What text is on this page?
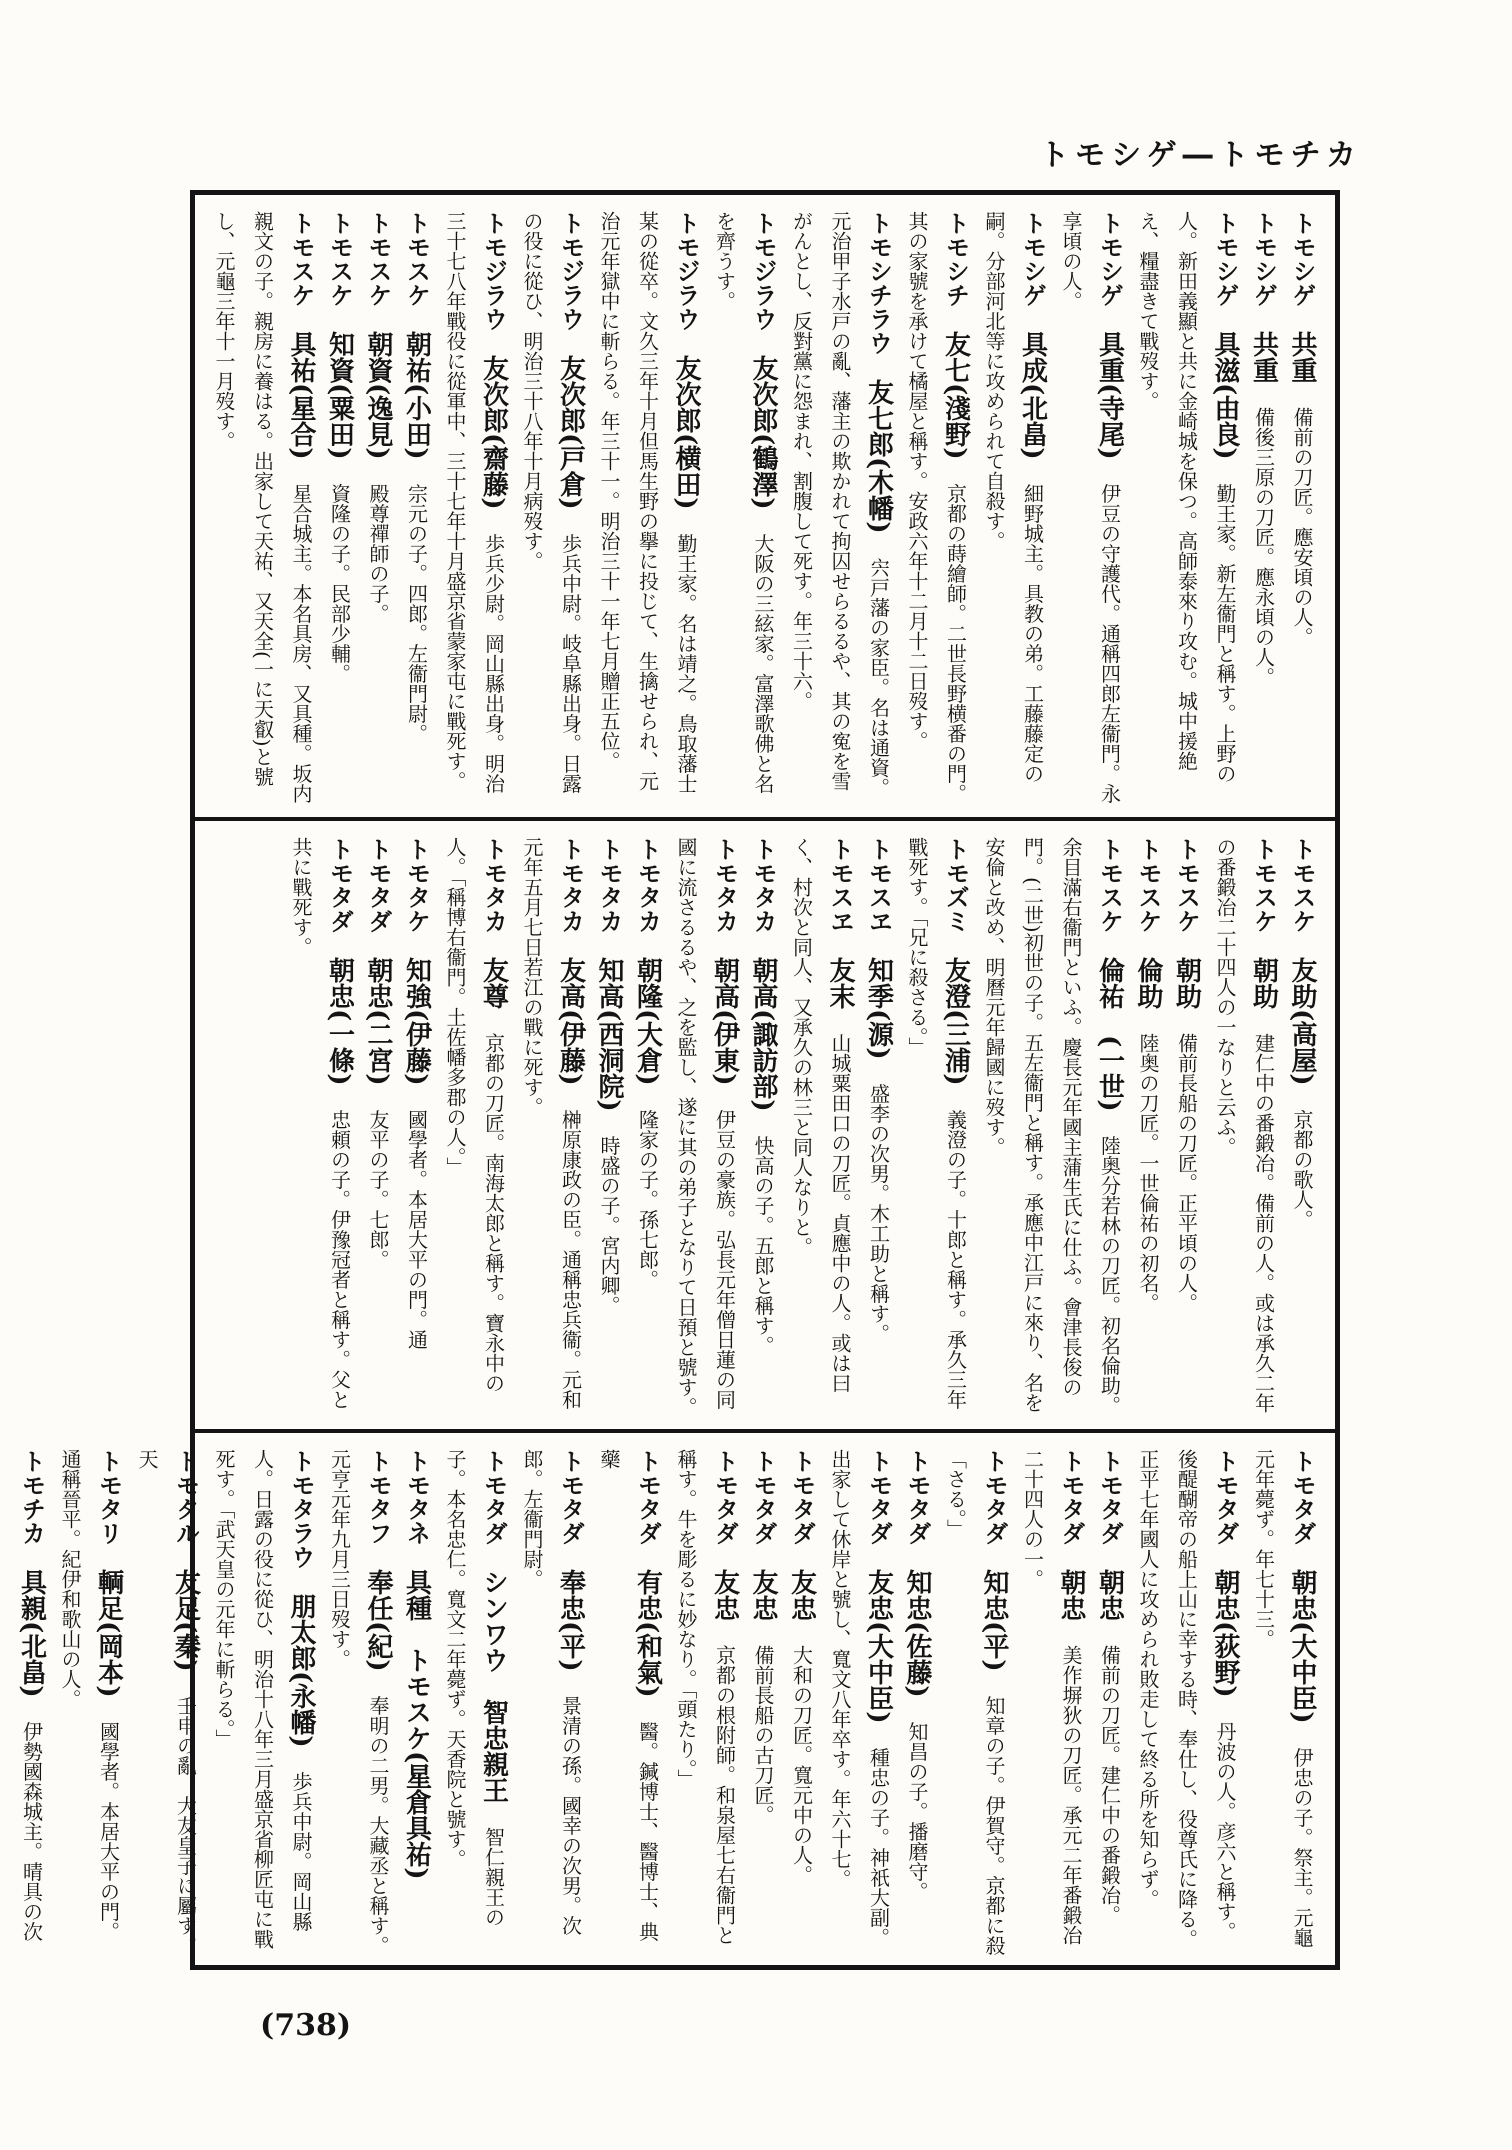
トモシゲ―トモチカ
トモシゲ　共重　備前の刀匠。應安頃の人。
トモシゲ　共重　備後三原の刀匠。應永頃の人。
トモシゲ　具滋(由良)　勤王家。新左衞門と稱す。上野の人。新田義顯と共に金崎城を保つ。高師泰來り攻む。城中援絶え、糧盡きて戰歿す。
トモシゲ　具重(寺尾)　伊豆の守護代。通稱四郎左衞門。永享頃の人。
トモシゲ　具成(北畠)　細野城主。具教の弟。工藤藤定の嗣。分部河北等に攻められて自殺す。
トモシチ　友七(淺野)　京都の蒔繪師。二世長野横番の門。其の家號を承けて橘屋と稱す。安政六年十二月十二日歿す。
トモシチラウ　友七郎(木幡)　宍戸藩の家臣。名は通資。元治甲子水戸の亂、藩主の欺かれて拘囚せらるるや、其の寃を雪がんとし、反對黨に怨まれ、割腹して死す。年三十六。
トモジラウ　友次郎(鶴澤)　大阪の三絃家。富澤歌佛と名を齊うす。
トモジラウ　友次郎(横田)　勤王家。名は靖之。鳥取藩士某の從卒。文久三年十月但馬生野の擧に投じて、生擒せられ、元治元年獄中に斬らる。年三十一。明治三十一年七月贈正五位。
トモジラウ　友次郎(戸倉)　歩兵中尉。岐阜縣出身。日露の役に從ひ、明治三十八年十月病歿す。
トモジラウ　友次郎(齋藤)　歩兵少尉。岡山縣出身。明治三十七八年戰役に從軍中、三十七年十月盛京省蒙家屯に戰死す。
トモスケ　朝祐(小田)　宗元の子。四郎。左衞門尉。
トモスケ　朝資(逸見)　殿尊禪師の子。
トモスケ　知資(粟田)　資隆の子。民部少輔。
トモスケ　具祐(星合)　星合城主。本名具房、又具種。坂内親文の子。親房に養はる。出家して天祐、又天全(一に天叡)と號し、元龜三年十一月歿す。
トモスケ　友助(高屋)　京都の歌人。
トモスケ　朝助　建仁中の番鍛冶。備前の人。或は承久二年の番鍛冶二十四人の一なりと云ふ。
トモスケ　朝助　備前長船の刀匠。正平頃の人。
トモスケ　倫助　陸奥の刀匠。一世倫祐の初名。
トモスケ　倫祐　(一世)　陸奥分若林の刀匠。初名倫助。余目滿右衞門といふ。慶長元年國主蒲生氏に仕ふ。會津長俊の門。(二世)初世の子。五左衞門と稱す。承應中江戸に來り、名を安倫と改め、明曆元年歸國に歿す。
トモズミ　友澄(三浦)　義澄の子。十郎と稱す。承久三年戰死す。「兄に殺さる。」
トモスヱ　知季(源)　盛李の次男。木工助と稱す。
トモスヱ　友末　山城粟田口の刀匠。貞應中の人。或は曰く、村次と同人、又承久の林三と同人なりと。
トモタカ　朝高(諏訪部)　快高の子。五郎と稱す。
トモタカ　朝高(伊東)　伊豆の豪族。弘長元年僧日蓮の同國に流さるるや、之を監し、遂に其の弟子となりて日預と號す。
トモタカ　朝隆(大倉)　隆家の子。孫七郎。
トモタカ　知高(西洞院)　時盛の子。宮内卿。
トモタカ　友高(伊藤)　榊原康政の臣。通稱忠兵衞。元和元年五月七日若江の戰に死す。
トモタカ　友尊　京都の刀匠。南海太郎と稱す。寶永中の人。「稱博右衞門。土佐幡多郡の人。」
トモタケ　知強(伊藤)　國學者。本居大平の門。通
トモタダ　朝忠(二宮)　友平の子。七郎。
トモタダ　朝忠(一條)　忠頼の子。伊豫冠者と稱す。父と共に戰死す。
トモタダ　朝忠(大中臣)　伊忠の子。祭主。元龜元年薨ず。年七十三。
トモタダ　朝忠(荻野)　丹波の人。彦六と稱す。後醍醐帝の船上山に幸する時、奉仕し、役尊氏に降る。正平七年國人に攻められ敗走して終る所を知らず。
トモタダ　朝忠　備前の刀匠。建仁中の番鍛冶。
トモタダ　朝忠　美作塀狄の刀匠。承元二年番鍛冶二十四人の一。
トモタダ　知忠(平)　知章の子。伊賀守。京都に殺「さる。」
トモタダ　知忠(佐藤)　知昌の子。播磨守。
トモタダ　友忠(大中臣)　種忠の子。神祇大副。出家して休岸と號し、寬文八年卒す。年六十七。
トモタダ　友忠　大和の刀匠。寬元中の人。
トモタダ　友忠　備前長船の古刀匠。
トモタダ　友忠　京都の根附師。和泉屋七右衞門と稱す。牛を彫るに妙なり。「頭たり。」
トモタダ　有忠(和氣)　醫。鍼博士、醫博士、典藥
トモタダ　奉忠(平)　景清の孫。國幸の次男。次郎。左衞門尉。
トモタダ　シンワウ　智忠親王　智仁親王の子。本名忠仁。寬文二年薨ず。天香院と號す。
トモタネ　具種　トモスケ(星倉具祐)　
トモタフ　奉任(紀)　奉明の二男。大藏丞と稱す。元亨元年九月三日歿す。
トモタラウ　朋太郎(永幡)　歩兵中尉。岡山縣人。日露の役に從ひ、明治十八年三月盛京省柳匠屯に戰死す。「武天皇の元年に斬らる。」
トモタル　友足(秦)　壬申の亂、大友皇子に屬す。天
トモタリ　輌足(岡本)　國學者。本居大平の門。通稱晉平。紀伊和歌山の人。
トモチカ　具親(北畠)　伊勢國森城主。晴具の次
(738)
